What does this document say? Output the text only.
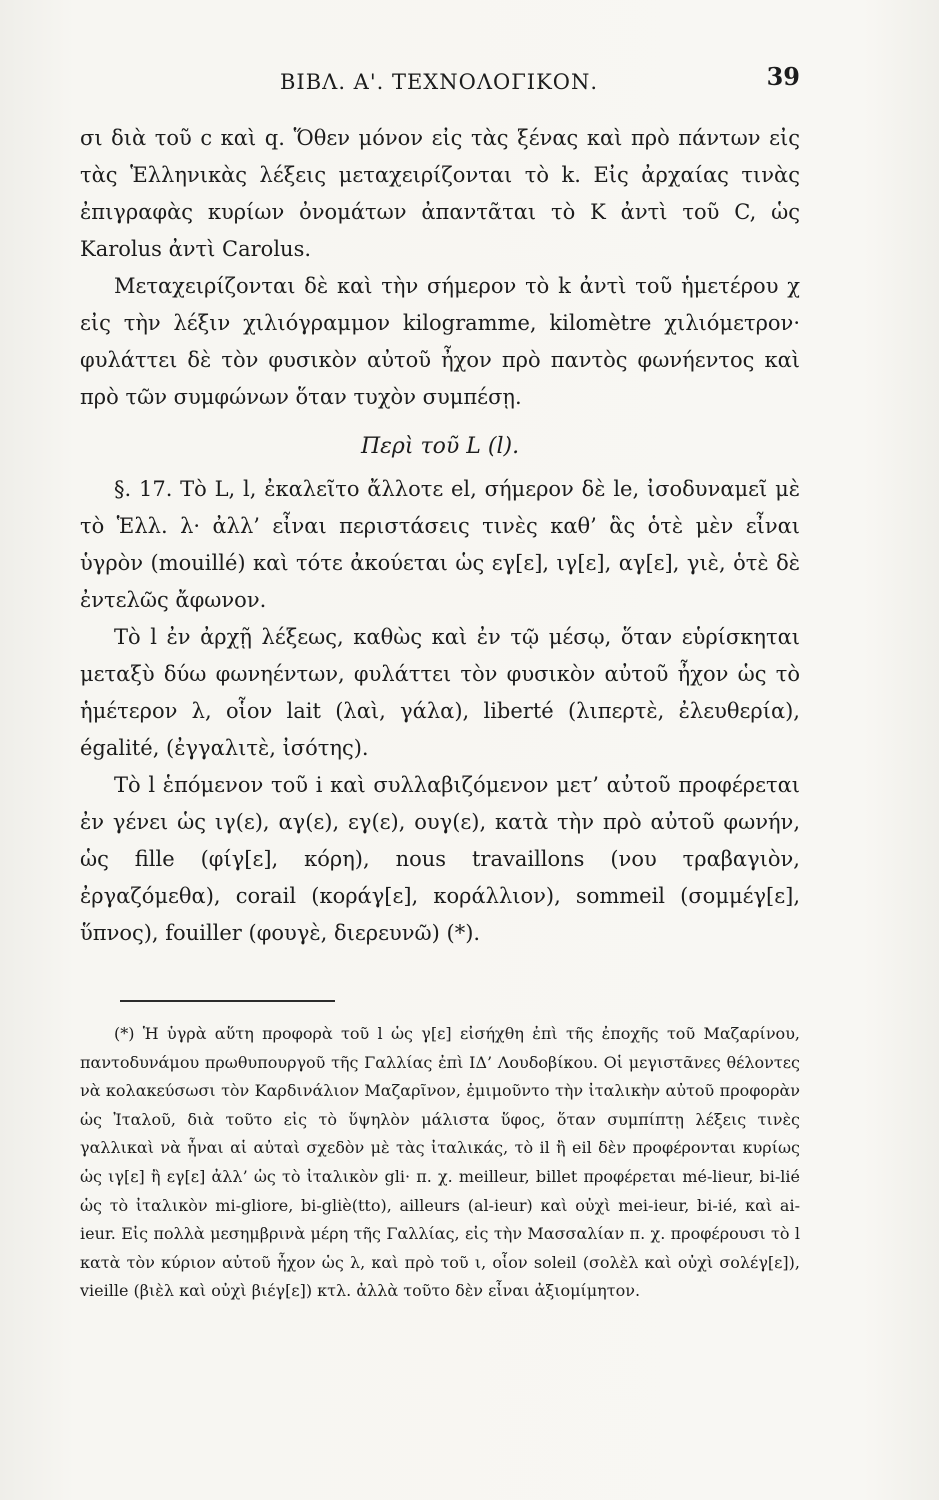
ΒΙΒΛ. Α'. ΤΕΧΝΟΛΟΓΙΚΟΝ.	39

σι διὰ τοῦ c καὶ q. Ὅθεν μόνον εἰς τὰς ξένας καὶ πρὸ πάντων εἰς τὰς Ἑλληνικὰς λέξεις μεταχειρίζονται τὸ k. Εἰς ἀρχαίας τινὰς ἐπιγραφὰς κυρίων ὀνομάτων ἀπαντᾶται τὸ K ἀντὶ τοῦ C, ὡς Karolus ἀντὶ Carolus.

Μεταχειρίζονται δὲ καὶ τὴν σήμερον τὸ k ἀντὶ τοῦ ἡμετέρου χ εἰς τὴν λέξιν χιλιόγραμμον kilogramme, kilomètre χιλιόμετρον· φυλάττει δὲ τὸν φυσικὸν αὐτοῦ ἦχον πρὸ παντὸς φωνήεντος καὶ πρὸ τῶν συμφώνων ὅταν τυχὸν συμπέσῃ.

Περὶ τοῦ L (l).

§. 17. Τὸ L, l, ἐκαλεῖτο ἄλλοτε el, σήμερον δὲ le, ἰσοδυναμεῖ μὲ τὸ Ἑλλ. λ· ἀλλ’ εἶναι περιστάσεις τινὲς καθ’ ἃς ὁτὲ μὲν εἶναι ὑγρὸν (mouillé) καὶ τότε ἀκούεται ὡς εγ[ε], ιγ[ε], αγ[ε], γιὲ, ὁτὲ δὲ ἐντελῶς ἄφωνον.

Τὸ l ἐν ἀρχῇ λέξεως, καθὼς καὶ ἐν τῷ μέσῳ, ὅταν εὑρίσκηται μεταξὺ δύω φωνηέντων, φυλάττει τὸν φυσικὸν αὐτοῦ ἦχον ὡς τὸ ἡμέτερον λ, οἷον lait (λαὶ, γάλα), liberté (λιπερτὲ, ἐλευθερία), égalité, (ἐγγαλιτὲ, ἰσότης).

Τὸ l ἑπόμενον τοῦ i καὶ συλλαβιζόμενον μετ’ αὐτοῦ προφέρεται ἐν γένει ὡς ιγ(ε), αγ(ε), εγ(ε), ουγ(ε), κατὰ τὴν πρὸ αὐτοῦ φωνήν, ὡς fille (φίγ[ε], κόρη), nous travaillons (νου τραβαγιὸν, ἐργαζόμεθα), corail (κοράγ[ε], κοράλλιον), sommeil (σομμέγ[ε], ὕπνος), fouiller (φουγὲ, διερευνῶ) (*).

(*) Ἡ ὑγρὰ αὕτη προφορὰ τοῦ l ὡς γ[ε] εἰσήχθη ἐπὶ τῆς ἐποχῆς τοῦ Μαζαρίνου, παντοδυνάμου πρωθυπουργοῦ τῆς Γαλλίας ἐπὶ ΙΔ’ Λουδοβίκου. Οἱ μεγιστᾶνες θέλοντες νὰ κολακεύσωσι τὸν Καρδινάλιον Μαζαρῖνον, ἐμιμοῦντο τὴν ἰταλικὴν αὐτοῦ προφορὰν ὡς Ἰταλοῦ, διὰ τοῦτο εἰς τὸ ὕψηλὸν μάλιστα ὕφος, ὅταν συμπίπτῃ λέξεις τινὲς γαλλικαὶ νὰ ἦναι αἱ αὐταὶ σχεδὸν μὲ τὰς ἰταλικάς, τὸ il ἢ eil δὲν προφέρονται κυρίως ὡς ιγ[ε] ἢ εγ[ε] ἀλλ’ ὡς τὸ ἰταλικὸν gli· π. χ. meilleur, billet προφέρεται mé-lieur, bi-lié ὡς τὸ ἰταλικὸν mi-gliore, bi-gliè(tto), ailleurs (al-ieur) καὶ οὐχὶ mei-ieur, bi-ié, καὶ ai-ieur. Εἰς πολλὰ μεσημβρινὰ μέρη τῆς Γαλλίας, εἰς τὴν Μασσαλίαν π. χ. προφέρουσι τὸ l κατὰ τὸν κύριον αὐτοῦ ἦχον ὡς λ, καὶ πρὸ τοῦ ι, οἷον soleil (σολὲλ καὶ οὐχὶ σολέγ[ε]), vieille (βιὲλ καὶ οὐχὶ βιέγ[ε]) κτλ. ἀλλὰ τοῦτο δὲν εἶναι ἀξιομίμητον.
